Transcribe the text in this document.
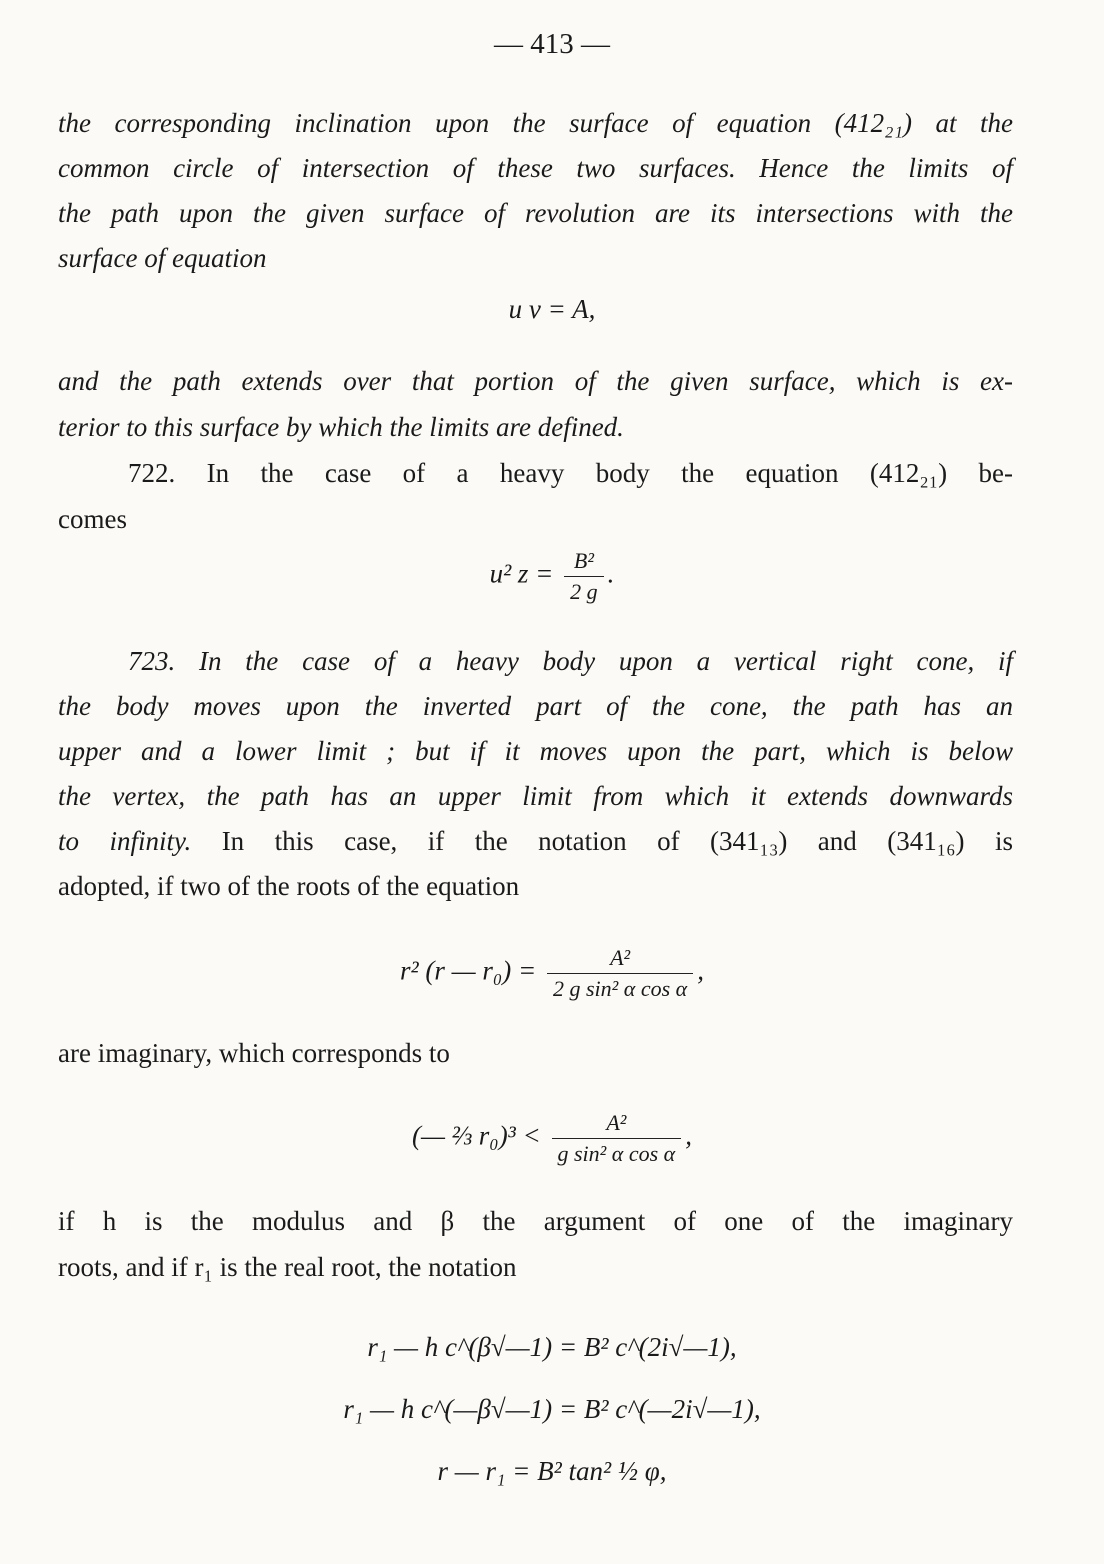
— 413 —
the corresponding inclination upon the surface of equation (412₂₁) at the
common circle of intersection of these two surfaces. Hence the limits of
the path upon the given surface of revolution are its intersections with the
surface of equation
u v = A,
and the path extends over that portion of the given surface, which is ex-
terior to this surface by which the limits are defined.
722. In the case of a heavy body the equation (412₂₁) be-
comes
u² $z = \frac{\text{B²}}{2 g}$ .
723. In the case of a heavy body upon a vertical right cone, if
the body moves upon the inverted part of the cone, the path has an
upper and a lower limit ; but if it moves upon the part, which is below
the vertex, the path has an upper limit from which it extends downwards
to infinity. In this case, if the notation of (341₁₃) and (341₁₆) is
adopted, if two of the roots of the equation
r² (r — $r_0) = \frac{\text{A²}}{\text{2 g sin² α cos α}}$ ,
are imaginary, which corresponds to
(— ⅔ $r_0)^3 < \frac{\text{A²}}{\text{g sin² α cos α}}$ ,
if h is the modulus and β the argument of one of the imaginary
roots, and if r₁ is the real root, the notation
r₁ — h c^(β√—1) = B² c^(2i√—1),
r₁ — h c^(—β√—1) = B² c^(—2i√—1),
r — r₁ = B² tan² ½ φ,
